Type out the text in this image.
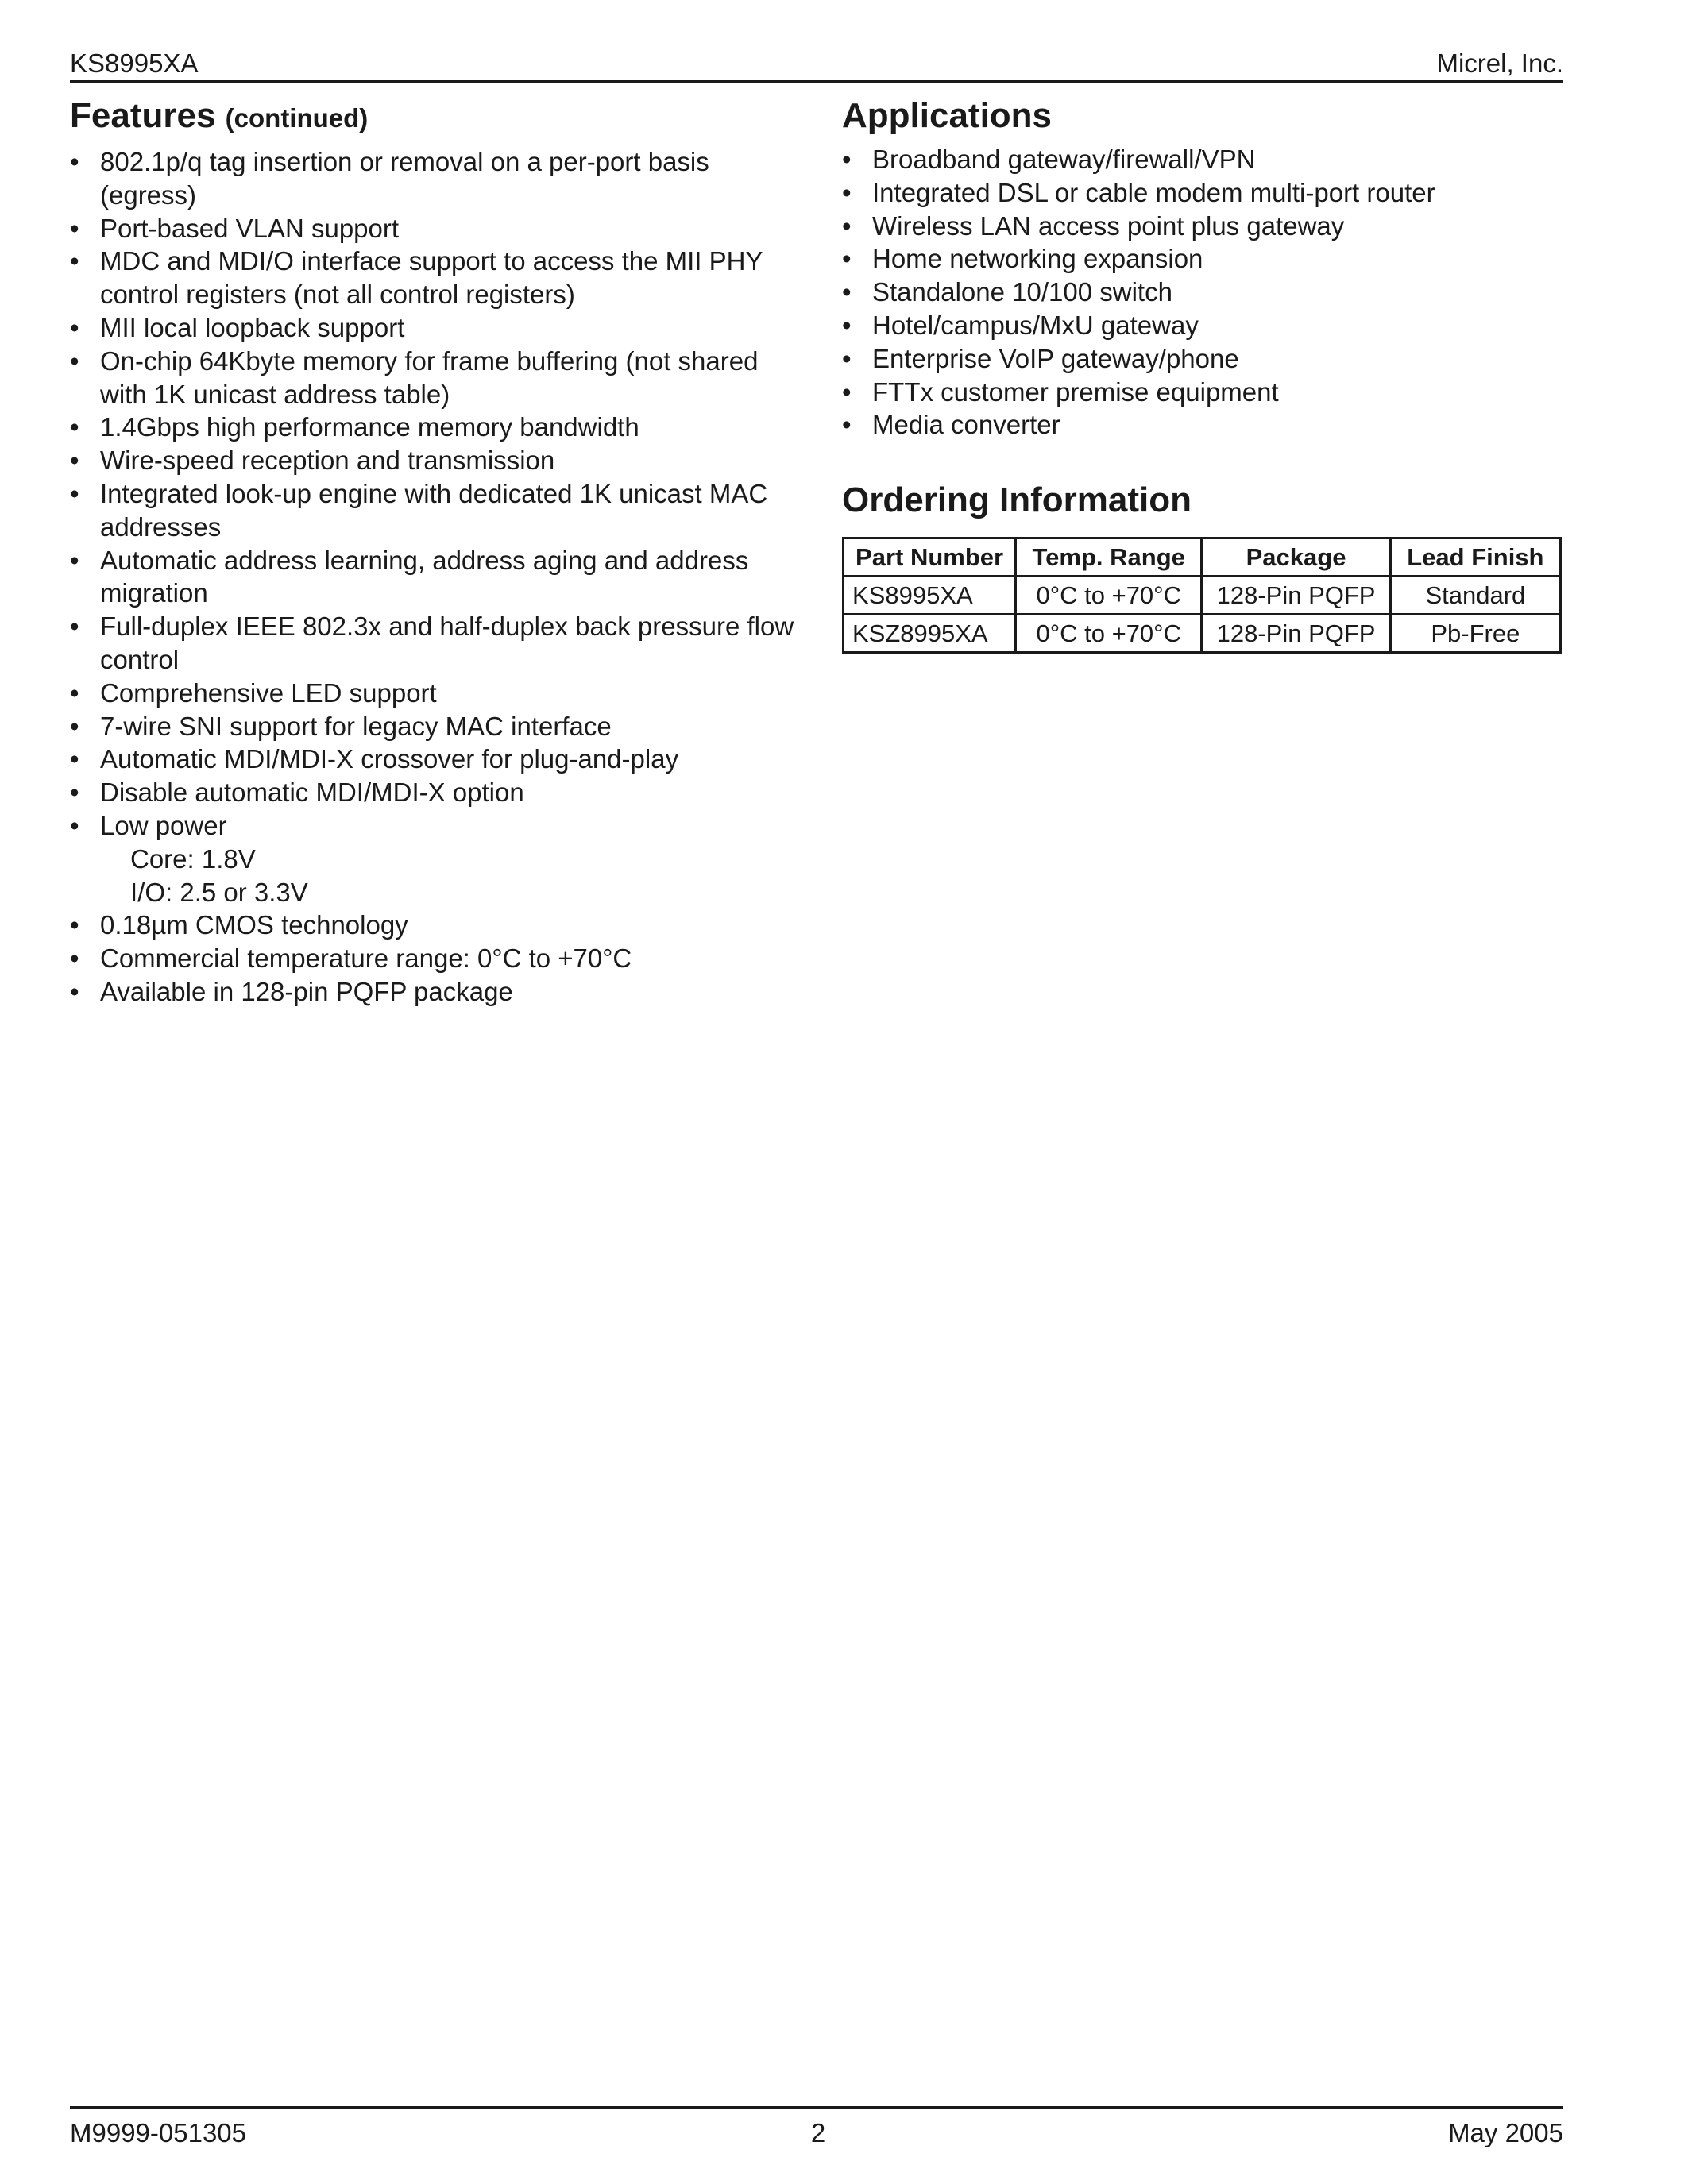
KS8995XA	Micrel, Inc.
Features (continued)
• 802.1p/q tag insertion or removal on a per-port basis (egress)
• Port-based VLAN support
• MDC and MDI/O interface support to access the MII PHY control registers (not all control registers)
• MII local loopback support
• On-chip 64Kbyte memory for frame buffering (not shared with 1K unicast address table)
• 1.4Gbps high performance memory bandwidth
• Wire-speed reception and transmission
• Integrated look-up engine with dedicated 1K unicast MAC addresses
• Automatic address learning, address aging and address migration
• Full-duplex IEEE 802.3x and half-duplex back pressure flow control
• Comprehensive LED support
• 7-wire SNI support for legacy MAC interface
• Automatic MDI/MDI-X crossover for plug-and-play
• Disable automatic MDI/MDI-X option
• Low power
Core: 1.8V
I/O: 2.5 or 3.3V
• 0.18µm CMOS technology
• Commercial temperature range: 0°C to +70°C
• Available in 128-pin PQFP package
Applications
• Broadband gateway/firewall/VPN
• Integrated DSL or cable modem multi-port router
• Wireless LAN access point plus gateway
• Home networking expansion
• Standalone 10/100 switch
• Hotel/campus/MxU gateway
• Enterprise VoIP gateway/phone
• FTTx customer premise equipment
• Media converter
Ordering Information
Part Number	Temp. Range	Package	Lead Finish
KS8995XA	0°C to +70°C	128-Pin PQFP	Standard
KSZ8995XA	0°C to +70°C	128-Pin PQFP	Pb-Free
M9999-051305	2	May 2005
